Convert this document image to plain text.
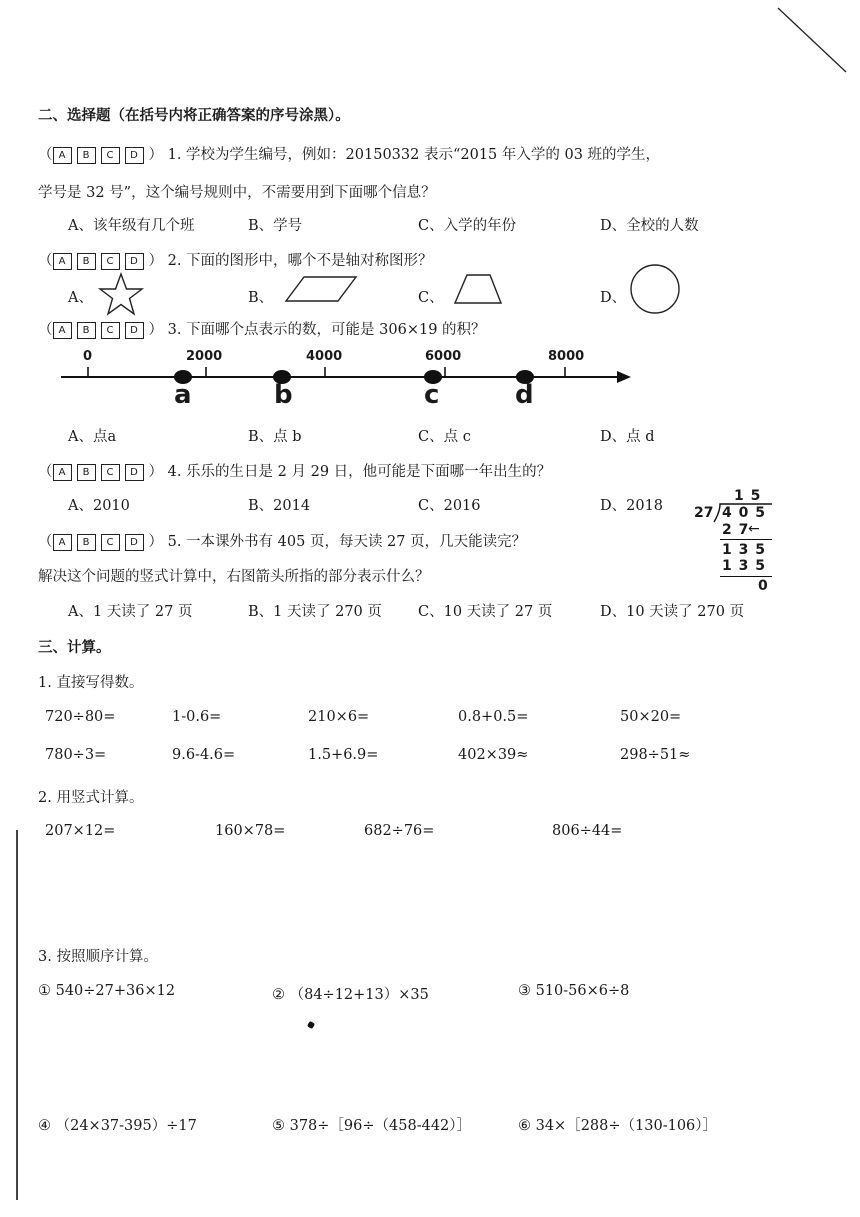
二、选择题（在括号内将正确答案的序号涂黑）。
（ A B C D ） 1. 学校为学生编号，例如：20150332 表示“2015 年入学的 03 班的学生，
学号是 32 号”，这个编号规则中，不需要用到下面哪个信息？
A、该年级有几个班	B、学号	C、入学的年份	D、全校的人数
（ A B C D ） 2. 下面的图形中，哪个不是轴对称图形？
A、	B、	C、	D、
（ A B C D ） 3. 下面哪个点表示的数，可能是 306×19 的积？
0	2000	4000	6000	8000
a	b	c	d
A、点a	B、点 b	C、点 c	D、点 d
（ A B C D ） 4. 乐乐的生日是 2 月 29 日，他可能是下面哪一年出生的？
A、2010	B、2014	C、2016	D、2018
1 5
27 4 0 5
2 7
←
1 3 5
1 3 5
0
（ A B C D ） 5. 一本课外书有 405 页，每天读 27 页，几天能读完？
解决这个问题的竖式计算中，右图箭头所指的部分表示什么？
A、1 天读了 27 页	B、1 天读了 270 页 C、10 天读了 27 页	D、10 天读了 270 页
三、计算。
1. 直接写得数。
720÷80=	1-0.6=	210×6=	0.8+0.5=	50×20=
780÷3=	9.6-4.6=	1.5+6.9=	402×39≈	298÷51≈
2. 用竖式计算。
207×12=	160×78=	682÷76=	806÷44=
3. 按照顺序计算。
① 540÷27+36×12	② （84÷12+13）×35	③ 510-56×6÷8
④ （24×37-395）÷17	⑤ 378÷［96÷（458-442）］	⑥ 34×［288÷（130-106）］
